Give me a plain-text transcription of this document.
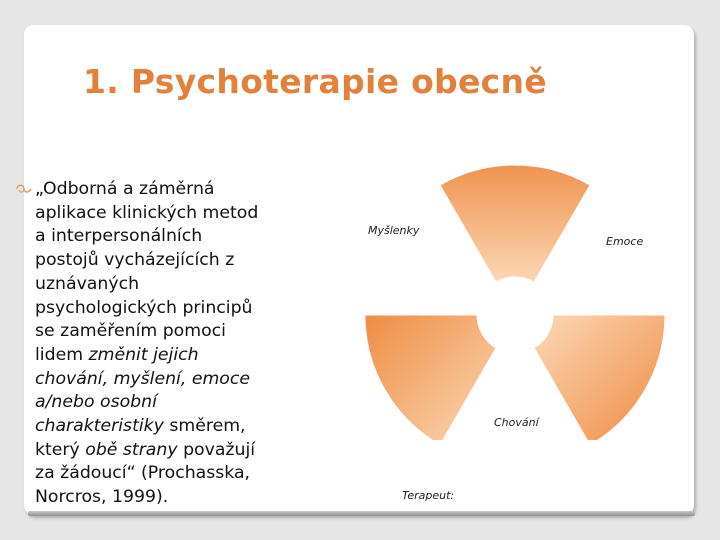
1. Psychoterapie obecně
„Odborná a záměrná
aplikace klinických metod
a interpersonálních
postojů vycházejících z
uznávaných
psychologických principů
se zaměřením pomoci
lidem změnit jejich
chování, myšlení, emoce
a/nebo osobní
charakteristiky směrem,
který obě strany považují
za žádoucí“ (Prochasska,
Norcros, 1999).
Myšlenky
Emoce
Chování
Terapeut:
